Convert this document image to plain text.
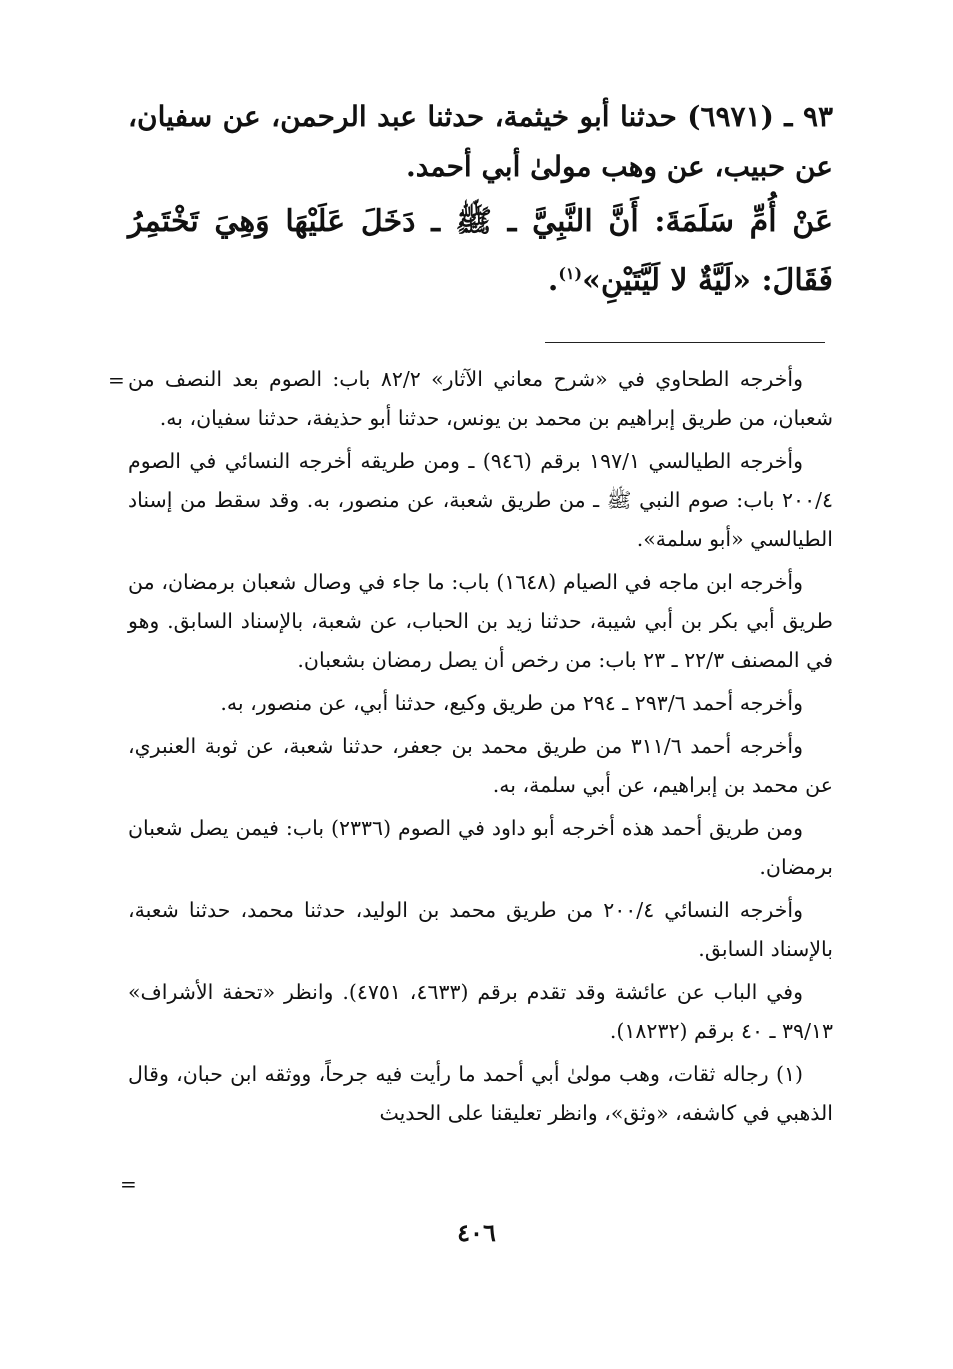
٩٣ ـ (٦٩٧١) حدثنا أبو خيثمة، حدثنا عبد الرحمن، عن سفيان، عن حبيب، عن وهب مولىٰ أبي أحمد.
عَنْ أُمِّ سَلَمَةَ: أَنَّ النَّبِيَّ ـ ﷺ ـ دَخَلَ عَلَيْهَا وَهِيَ تَخْتَمِرُ فَقَالَ: «لَيَّةٌ لا لَيَّتَيْنِ»$^{(١)}$.
= وأخرجه الطحاوي في «شرح معاني الآثار» ٨٢/٢ باب: الصوم بعد النصف من شعبان، من طريق إبراهيم بن محمد بن يونس، حدثنا أبو حذيفة، حدثنا سفيان، به.

وأخرجه الطيالسي ١٩٧/١ برقم (٩٤٦) ـ ومن طريقه أخرجه النسائي في الصوم ٢٠٠/٤ باب: صوم النبي ﷺ ـ من طريق شعبة، عن منصور، به. وقد سقط من إسناد الطيالسي «أبو سلمة».

وأخرجه ابن ماجه في الصيام (١٦٤٨) باب: ما جاء في وصال شعبان برمضان، من طريق أبي بكر بن أبي شيبة، حدثنا زيد بن الحباب، عن شعبة، بالإسناد السابق. وهو في المصنف ٢٢/٣ ـ ٢٣ باب: من رخص أن يصل رمضان بشعبان.

وأخرجه أحمد ٢٩٣/٦ ـ ٢٩٤ من طريق وكيع، حدثنا أبي، عن منصور، به.

وأخرجه أحمد ٣١١/٦ من طريق محمد بن جعفر، حدثنا شعبة، عن ثوبة العنبري، عن محمد بن إبراهيم، عن أبي سلمة، به.

ومن طريق أحمد هذه أخرجه أبو داود في الصوم (٢٣٣٦) باب: فيمن يصل شعبان برمضان.

وأخرجه النسائي ٢٠٠/٤ من طريق محمد بن الوليد، حدثنا محمد، حدثنا شعبة، بالإسناد السابق.

وفي الباب عن عائشة وقد تقدم برقم (٤٦٣٣، ٤٧٥١). وانظر «تحفة الأشراف» ٣٩/١٣ ـ ٤٠ برقم (١٨٢٣٢).

(١) رجاله ثقات، وهب مولىٰ أبي أحمد ما رأيت فيه جرحاً، ووثقه ابن حبان، وقال الذهبي في كاشفه، «وثق»، وانظر تعليقنا على الحديث

=
٤٠٦
